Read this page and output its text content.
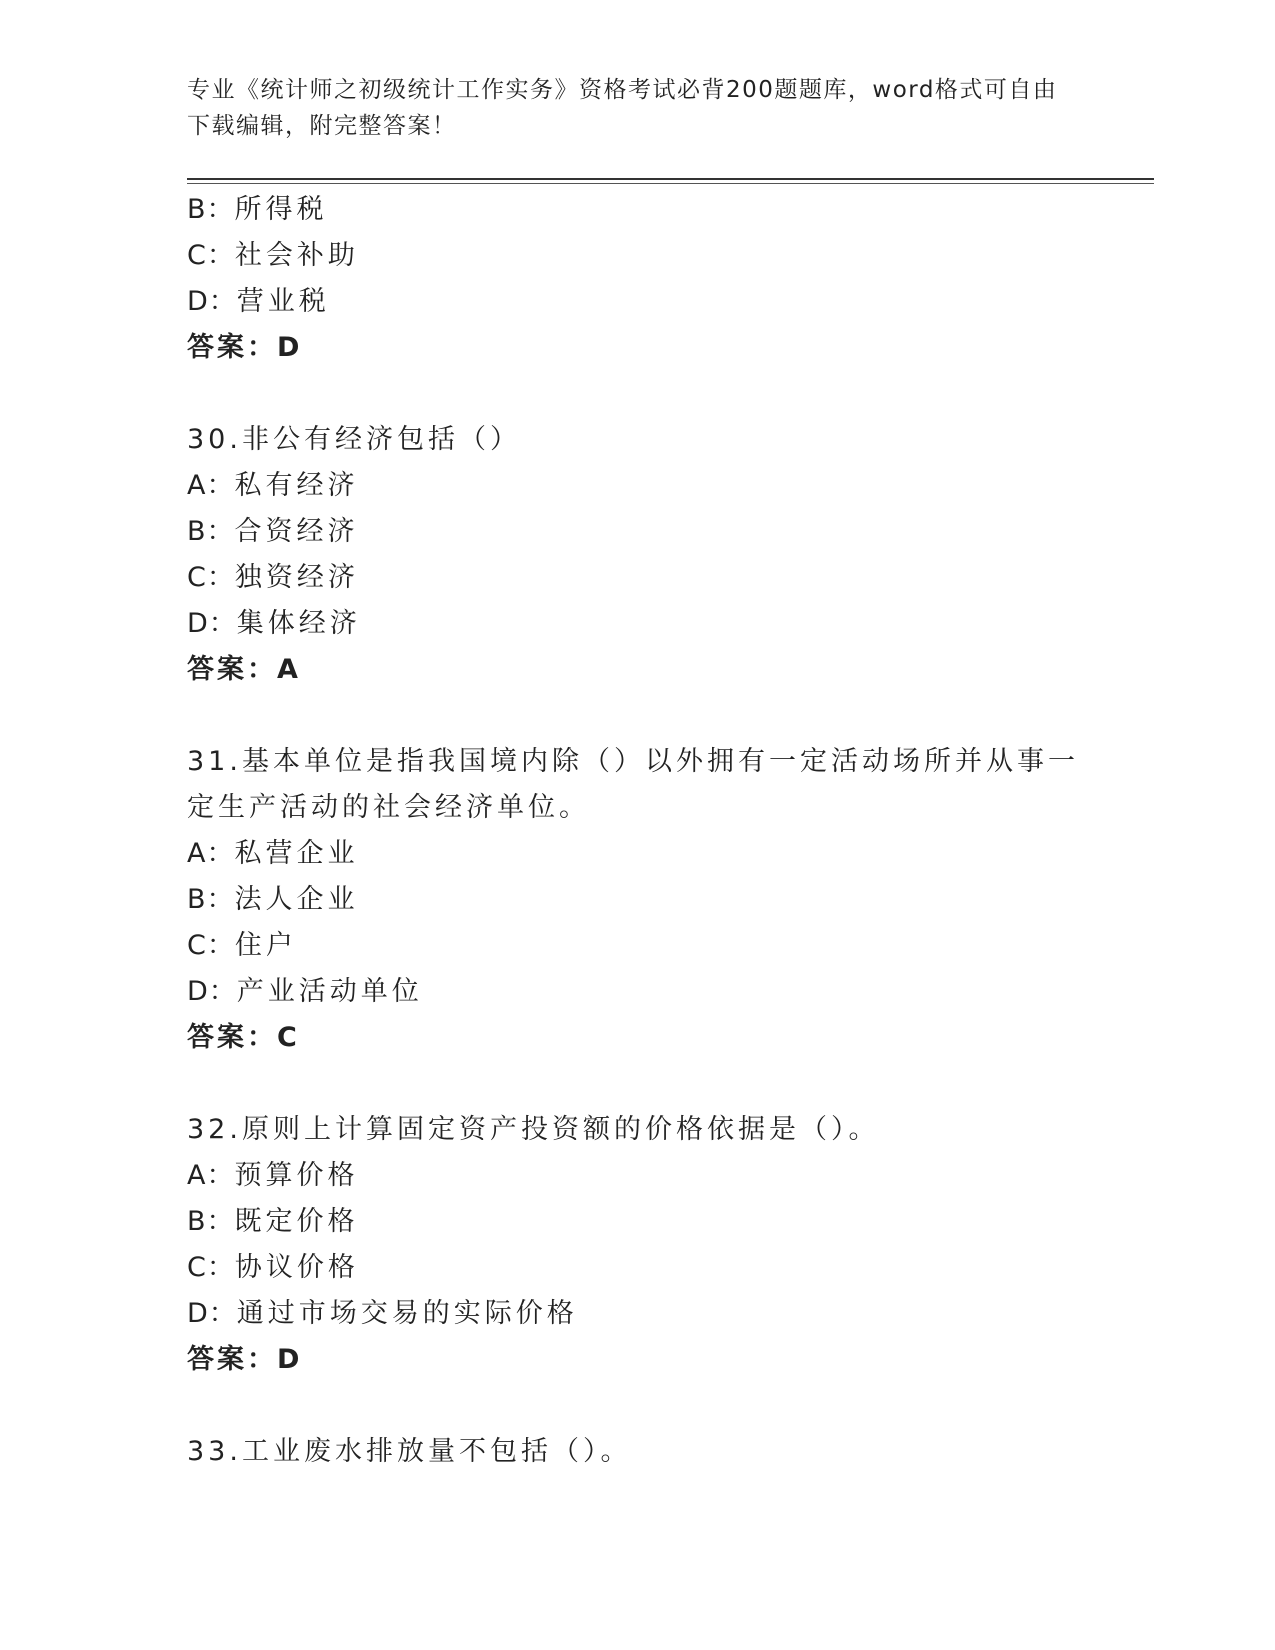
专业《统计师之初级统计工作实务》资格考试必背200题题库，word格式可自由下载编辑，附完整答案！
B：所得税
C：社会补助
D：营业税
答案：D
30.非公有经济包括（）
A：私有经济
B：合资经济
C：独资经济
D：集体经济
答案：A
31.基本单位是指我国境内除（）以外拥有一定活动场所并从事一定生产活动的社会经济单位。
A：私营企业
B：法人企业
C：住户
D：产业活动单位
答案：C
32.原则上计算固定资产投资额的价格依据是（）。
A：预算价格
B：既定价格
C：协议价格
D：通过市场交易的实际价格
答案：D
33.工业废水排放量不包括（）。
